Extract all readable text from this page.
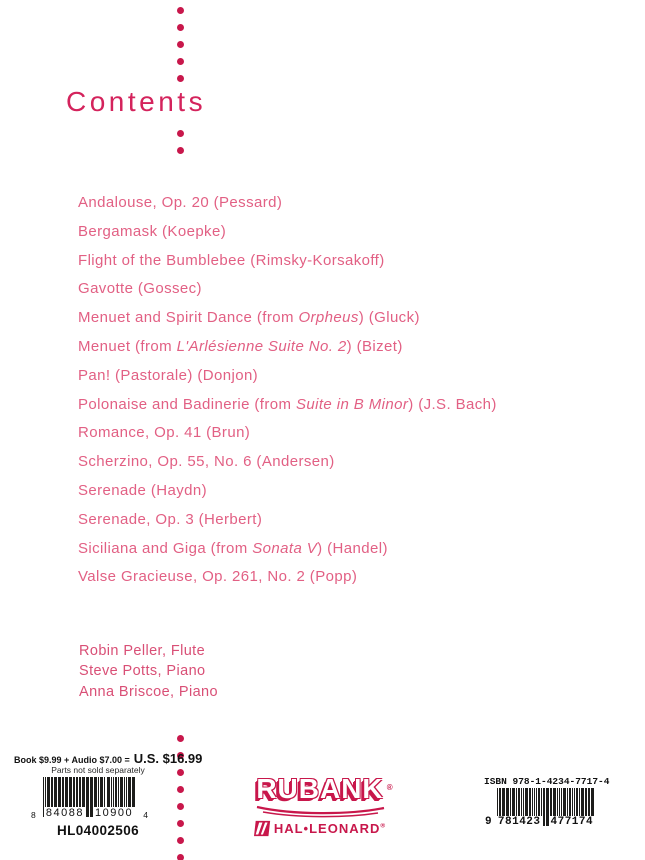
Contents
Andalouse, Op. 20 (Pessard)
Bergamask (Koepke)
Flight of the Bumblebee (Rimsky-Korsakoff)
Gavotte (Gossec)
Menuet and Spirit Dance (from Orpheus) (Gluck)
Menuet (from L'Arlésienne Suite No. 2) (Bizet)
Pan! (Pastorale) (Donjon)
Polonaise and Badinerie (from Suite in B Minor) (J.S. Bach)
Romance, Op. 41 (Brun)
Scherzino, Op. 55, No. 6 (Andersen)
Serenade (Haydn)
Serenade, Op. 3 (Herbert)
Siciliana and Giga (from Sonata V) (Handel)
Valse Gracieuse, Op. 261, No. 2 (Popp)
Robin Peller, Flute
Steve Potts, Piano
Anna Briscoe, Piano
Book $9.99 + Audio $7.00 = U.S. $16.99
Parts not sold separately
8 84088 10900 4
HL04002506
RUBANK ®
HAL•LEONARD®
ISBN 978-1-4234-7717-4
9 781423 477174
